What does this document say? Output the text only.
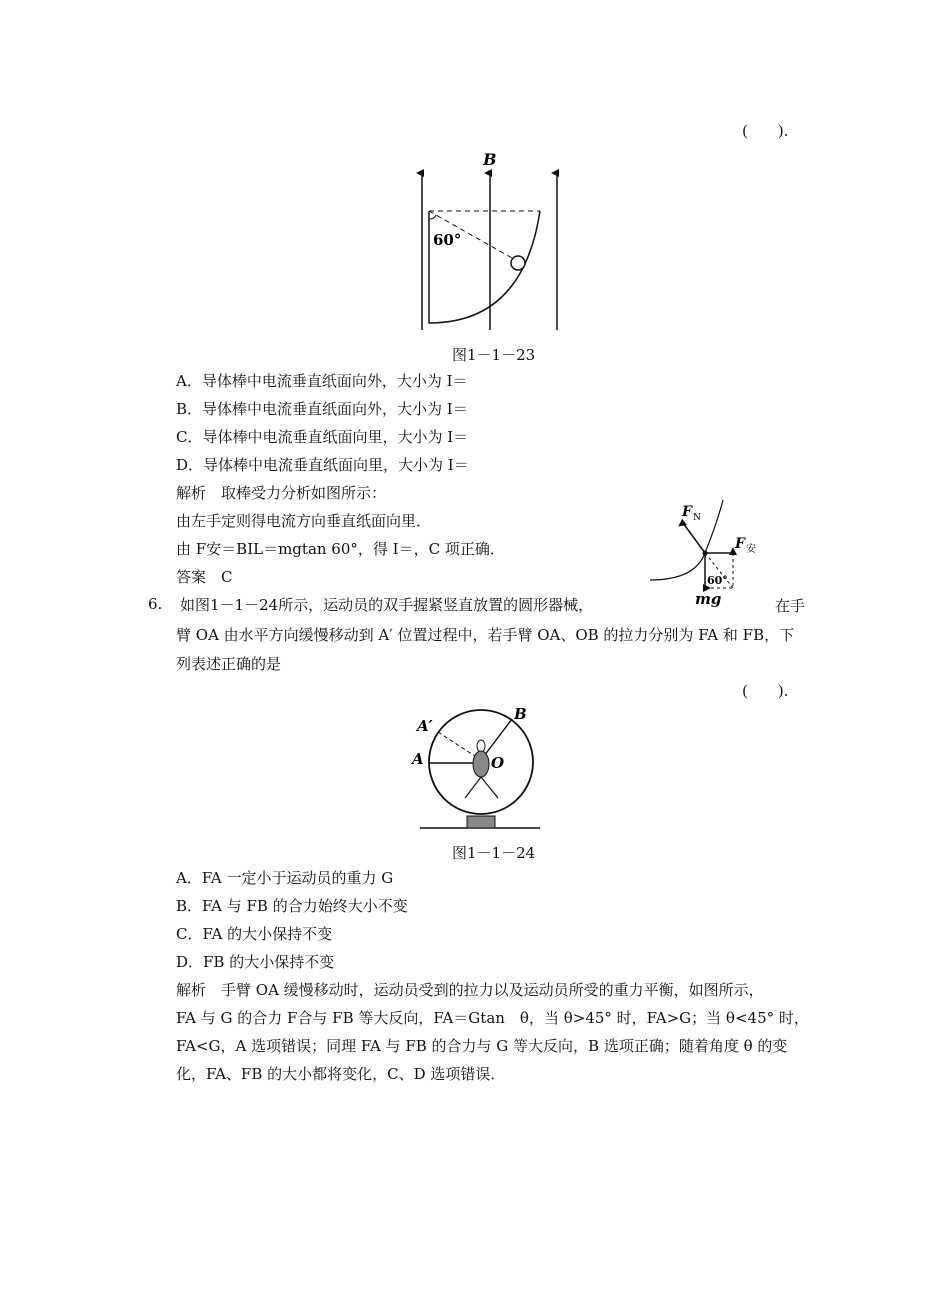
(　　).
B
60°
图1－1－23
A．导体棒中电流垂直纸面向外，大小为 I＝
B．导体棒中电流垂直纸面向外，大小为 I＝
C．导体棒中电流垂直纸面向里，大小为 I＝
D．导体棒中电流垂直纸面向里，大小为 I＝
解析　取棒受力分析如图所示：
由左手定则得电流方向垂直纸面向里．
由 F安＝BIL＝mgtan 60°，得 I＝，C 项正确．
答案　C
F N
F 安
60°
mg
6. 如图1－1－24所示，运动员的双手握紧竖直放置的圆形器械，	在手
臂 OA 由水平方向缓慢移动到 A′ 位置过程中，若手臂 OA、OB 的拉力分别为 FA 和 FB，下
列表述正确的是
(　　).
A′
A
B
O
图1－1－24
A．FA 一定小于运动员的重力 G
B．FA 与 FB 的合力始终大小不变
C．FA 的大小保持不变
D．FB 的大小保持不变
解析　手臂 OA 缓慢移动时，运动员受到的拉力以及运动员所受的重力平衡，如图所示，
FA 与 G 的合力 F合与 FB 等大反向，FA＝Gtan　θ，当 θ>45° 时，FA>G；当 θ<45° 时，
FA<G，A 选项错误；同理 FA 与 FB 的合力与 G 等大反向，B 选项正确；随着角度 θ 的变
化，FA、FB 的大小都将变化，C、D 选项错误．
